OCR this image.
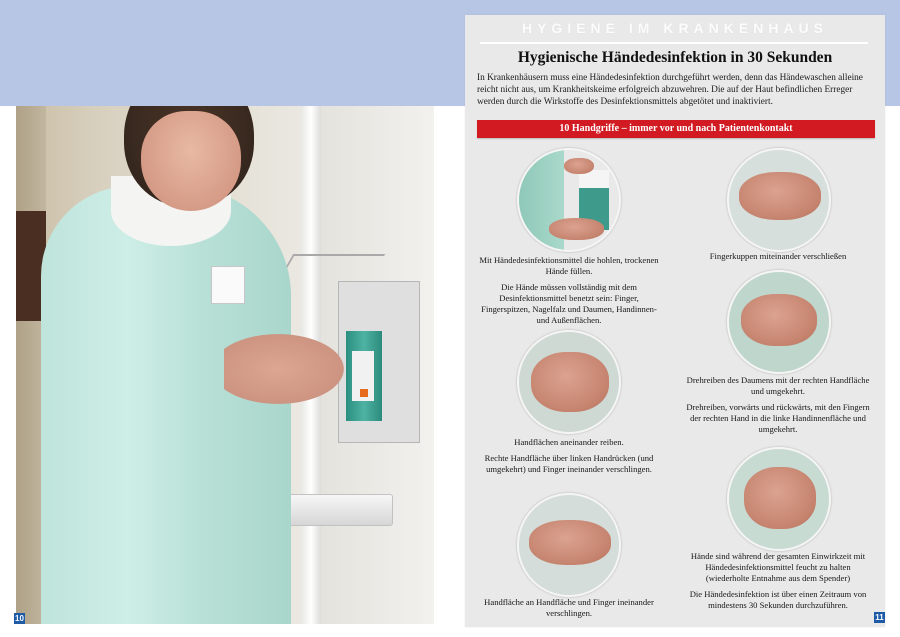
10
HYGIENE IM KRANKENHAUS
Hygienische Händedesinfektion in 30 Sekunden
In Krankenhäusern muss eine Händedesinfektion durchgeführt werden, denn das Händewaschen alleine reicht nicht aus, um Krankheitskeime erfolgreich abzuwehren. Die auf der Haut befindlichen Erreger werden durch die Wirkstoffe des Desinfektionsmittels abgetötet und inaktiviert.
10 Handgriffe – immer vor und nach Patientenkontakt

Mit Händedesinfektionsmittel die hohlen, trockenen Hände füllen.

Die Hände müssen vollständig mit dem Desinfektionsmittel benetzt sein: Finger, Fingerspitzen, Nagelfalz und Daumen, Handinnen- und Außenflächen.

Handflächen aneinander reiben.

Rechte Handfläche über linken Handrücken (und umgekehrt) und Finger ineinander verschlingen.

Handfläche an Handfläche und Finger ineinander verschlingen.

Fingerkuppen miteinander verschließen

Drehreiben des Daumens mit der rechten Handfläche und umgekehrt.

Drehreiben, vorwärts und rückwärts, mit den Fingern der rechten Hand in die linke Handinnenfläche und umgekehrt.

Hände sind während der gesamten Einwirkzeit mit Händedesinfektionsmittel feucht zu halten (wiederholte Entnahme aus dem Spender)

Die Händedesinfektion ist über einen Zeitraum von mindestens 30 Sekunden durchzuführen.

11
